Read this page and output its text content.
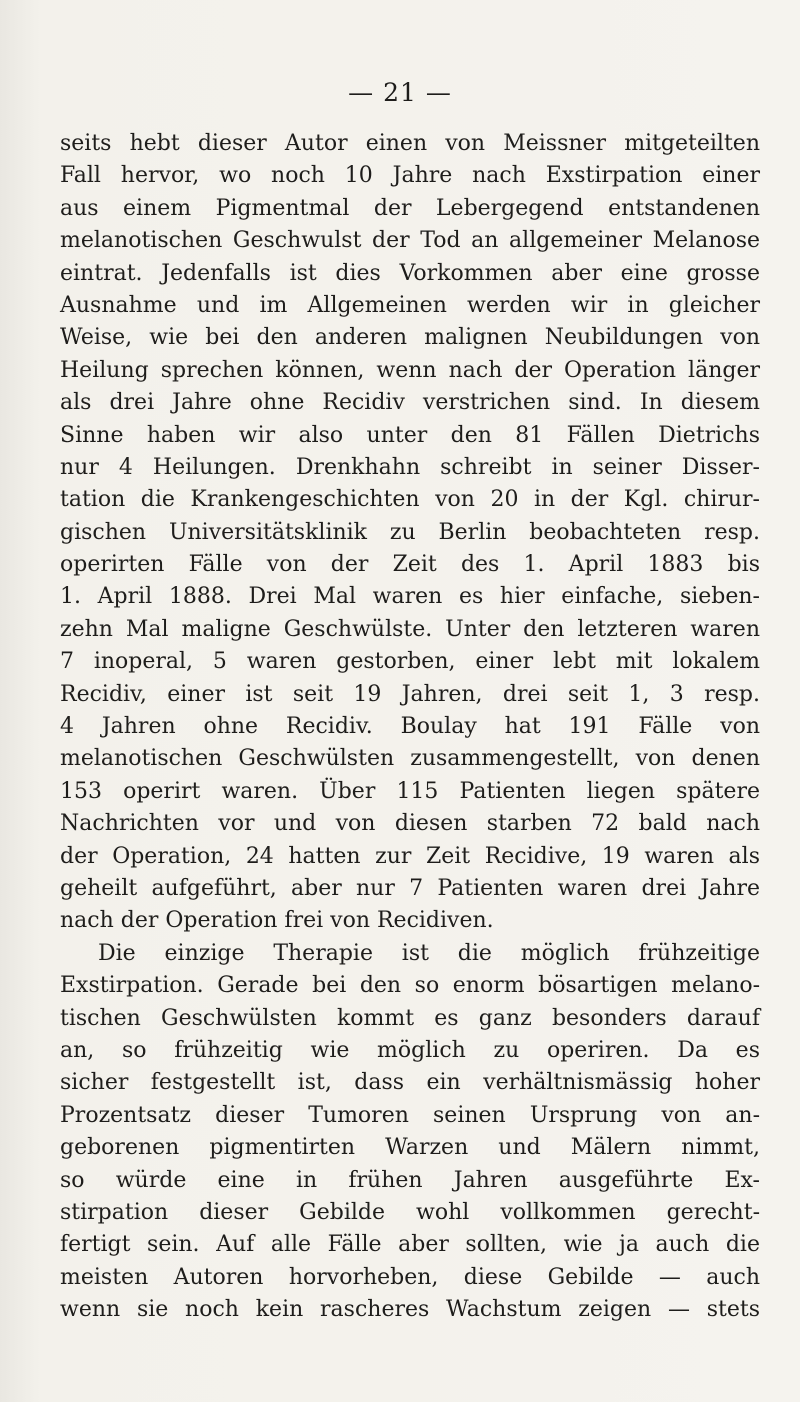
— 21 —
seits hebt dieser Autor einen von Meissner mitgeteilten
Fall hervor, wo noch 10 Jahre nach Exstirpation einer
aus einem Pigmentmal der Lebergegend entstandenen
melanotischen Geschwulst der Tod an allgemeiner Melanose
eintrat. Jedenfalls ist dies Vorkommen aber eine grosse
Ausnahme und im Allgemeinen werden wir in gleicher
Weise, wie bei den anderen malignen Neubildungen von
Heilung sprechen können, wenn nach der Operation länger
als drei Jahre ohne Recidiv verstrichen sind. In diesem
Sinne haben wir also unter den 81 Fällen Dietrichs
nur 4 Heilungen. Drenkhahn schreibt in seiner Disser-
tation die Krankengeschichten von 20 in der Kgl. chirur-
gischen Universitätsklinik zu Berlin beobachteten resp.
operirten Fälle von der Zeit des 1. April 1883 bis
1. April 1888. Drei Mal waren es hier einfache, sieben-
zehn Mal maligne Geschwülste. Unter den letzteren waren
7 inoperal, 5 waren gestorben, einer lebt mit lokalem
Recidiv, einer ist seit 19 Jahren, drei seit 1, 3 resp.
4 Jahren ohne Recidiv. Boulay hat 191 Fälle von
melanotischen Geschwülsten zusammengestellt, von denen
153 operirt waren. Über 115 Patienten liegen spätere
Nachrichten vor und von diesen starben 72 bald nach
der Operation, 24 hatten zur Zeit Recidive, 19 waren als
geheilt aufgeführt, aber nur 7 Patienten waren drei Jahre
nach der Operation frei von Recidiven.
Die einzige Therapie ist die möglich frühzeitige
Exstirpation. Gerade bei den so enorm bösartigen melano-
tischen Geschwülsten kommt es ganz besonders darauf
an, so frühzeitig wie möglich zu operiren. Da es
sicher festgestellt ist, dass ein verhältnismässig hoher
Prozentsatz dieser Tumoren seinen Ursprung von an-
geborenen pigmentirten Warzen und Mälern nimmt,
so würde eine in frühen Jahren ausgeführte Ex-
stirpation dieser Gebilde wohl vollkommen gerecht-
fertigt sein. Auf alle Fälle aber sollten, wie ja auch die
meisten Autoren horvorheben, diese Gebilde — auch
wenn sie noch kein rascheres Wachstum zeigen — stets
